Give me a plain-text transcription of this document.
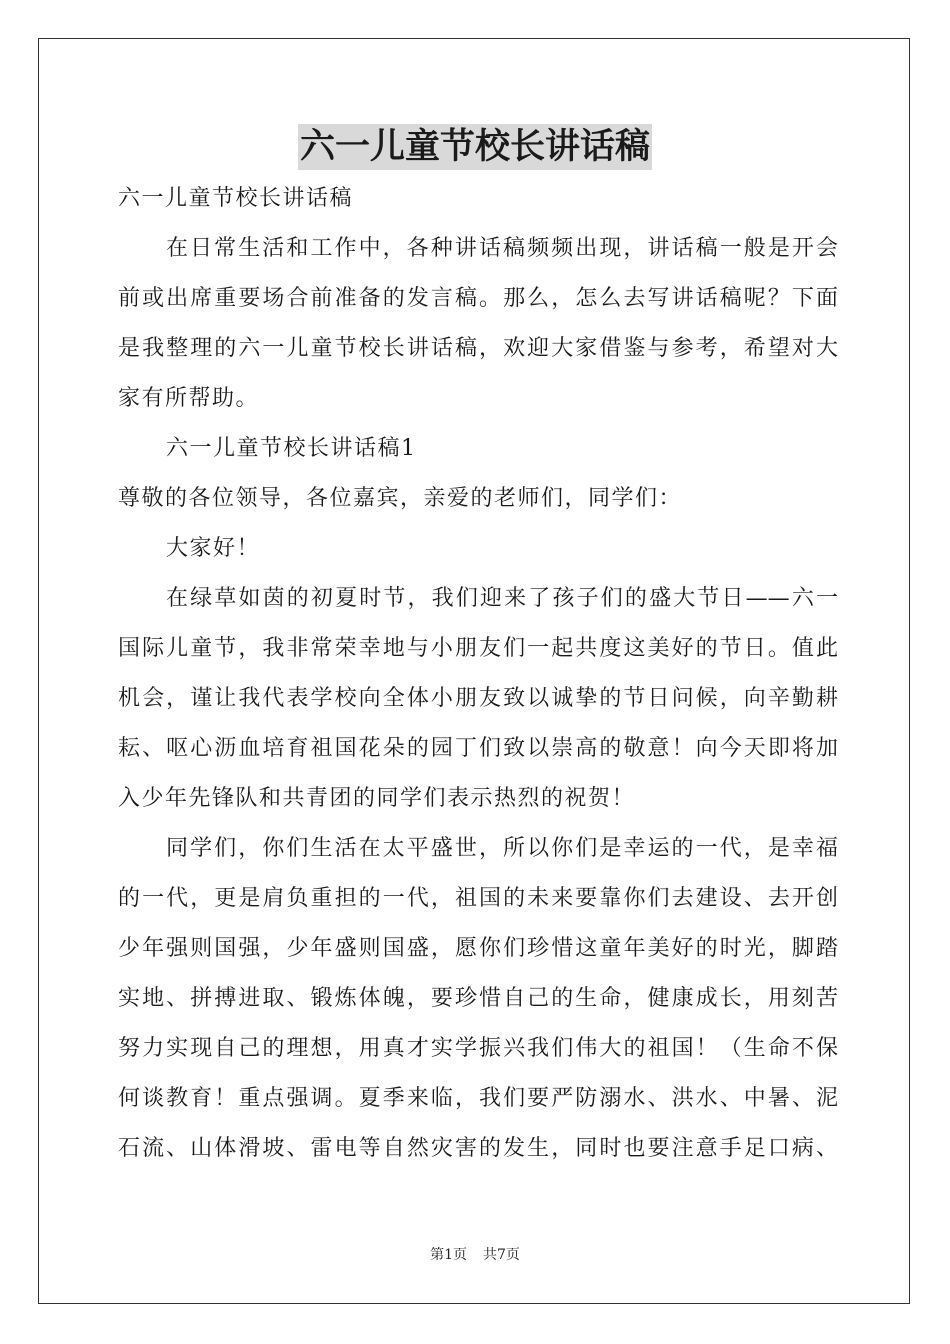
六一儿童节校长讲话稿
六一儿童节校长讲话稿
在日常生活和工作中，各种讲话稿频频出现，讲话稿一般是开会
前或出席重要场合前准备的发言稿。那么，怎么去写讲话稿呢？下面
是我整理的六一儿童节校长讲话稿，欢迎大家借鉴与参考，希望对大
家有所帮助。
六一儿童节校长讲话稿1
尊敬的各位领导，各位嘉宾，亲爱的老师们，同学们：
大家好！
在绿草如茵的初夏时节，我们迎来了孩子们的盛大节日——六一
国际儿童节，我非常荣幸地与小朋友们一起共度这美好的节日。值此
机会，谨让我代表学校向全体小朋友致以诚挚的节日问候，向辛勤耕
耘、呕心沥血培育祖国花朵的园丁们致以崇高的敬意！向今天即将加
入少年先锋队和共青团的同学们表示热烈的祝贺！
同学们，你们生活在太平盛世，所以你们是幸运的一代，是幸福
的一代，更是肩负重担的一代，祖国的未来要靠你们去建设、去开创
少年强则国强，少年盛则国盛，愿你们珍惜这童年美好的时光，脚踏
实地、拼搏进取、锻炼体魄，要珍惜自己的生命，健康成长，用刻苦
努力实现自己的理想，用真才实学振兴我们伟大的祖国！（生命不保
何谈教育！重点强调。夏季来临，我们要严防溺水、洪水、中暑、泥
石流、山体滑坡、雷电等自然灾害的发生，同时也要注意手足口病、
第1页 共7页
